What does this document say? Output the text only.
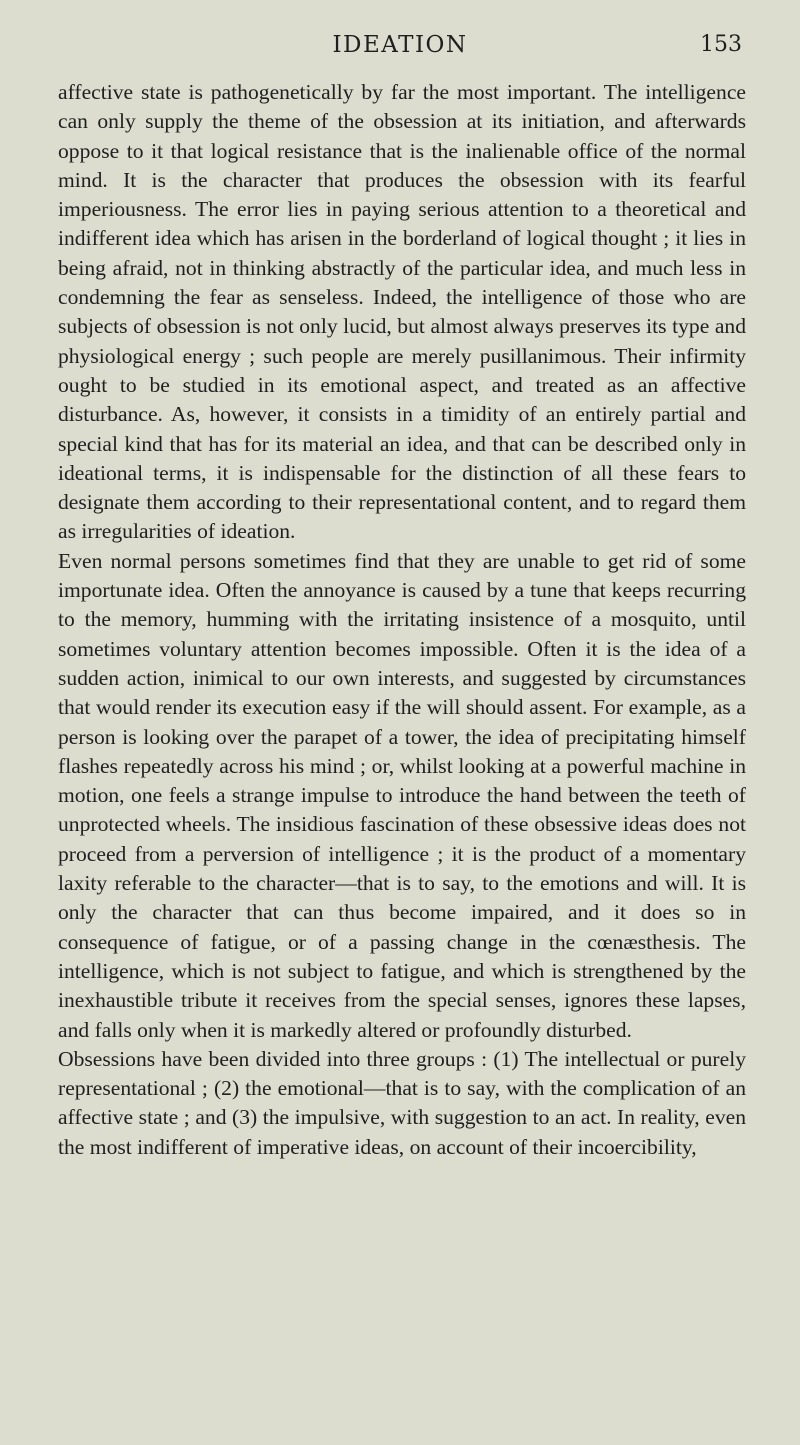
IDEATION	153

affective state is pathogenetically by far the most important. The intelligence can only supply the theme of the obsession at its initiation, and afterwards oppose to it that logical resistance that is the inalienable office of the normal mind. It is the character that produces the obsession with its fearful imperiousness. The error lies in paying serious attention to a theoretical and indifferent idea which has arisen in the borderland of logical thought ; it lies in being afraid, not in thinking abstractly of the particular idea, and much less in condemning the fear as senseless. Indeed, the intelligence of those who are subjects of obsession is not only lucid, but almost always preserves its type and physiological energy ; such people are merely pusillanimous. Their infirmity ought to be studied in its emotional aspect, and treated as an affective disturbance. As, however, it consists in a timidity of an entirely partial and special kind that has for its material an idea, and that can be described only in ideational terms, it is indispensable for the distinction of all these fears to designate them according to their representational content, and to regard them as irregularities of ideation.

Even normal persons sometimes find that they are unable to get rid of some importunate idea. Often the annoyance is caused by a tune that keeps recurring to the memory, humming with the irritating insistence of a mosquito, until sometimes voluntary attention becomes impossible. Often it is the idea of a sudden action, inimical to our own interests, and suggested by circumstances that would render its execution easy if the will should assent. For example, as a person is looking over the parapet of a tower, the idea of precipitating himself flashes repeatedly across his mind ; or, whilst looking at a powerful machine in motion, one feels a strange impulse to introduce the hand between the teeth of unprotected wheels. The insidious fascination of these obsessive ideas does not proceed from a perversion of intelligence ; it is the product of a momentary laxity referable to the character—that is to say, to the emotions and will. It is only the character that can thus become impaired, and it does so in consequence of fatigue, or of a passing change in the cœnæsthesis. The intelligence, which is not subject to fatigue, and which is strengthened by the inexhaustible tribute it receives from the special senses, ignores these lapses, and falls only when it is markedly altered or profoundly disturbed.

Obsessions have been divided into three groups : (1) The intellectual or purely representational ; (2) the emotional—that is to say, with the complication of an affective state ; and (3) the impulsive, with suggestion to an act. In reality, even the most indifferent of imperative ideas, on account of their incoercibility,
